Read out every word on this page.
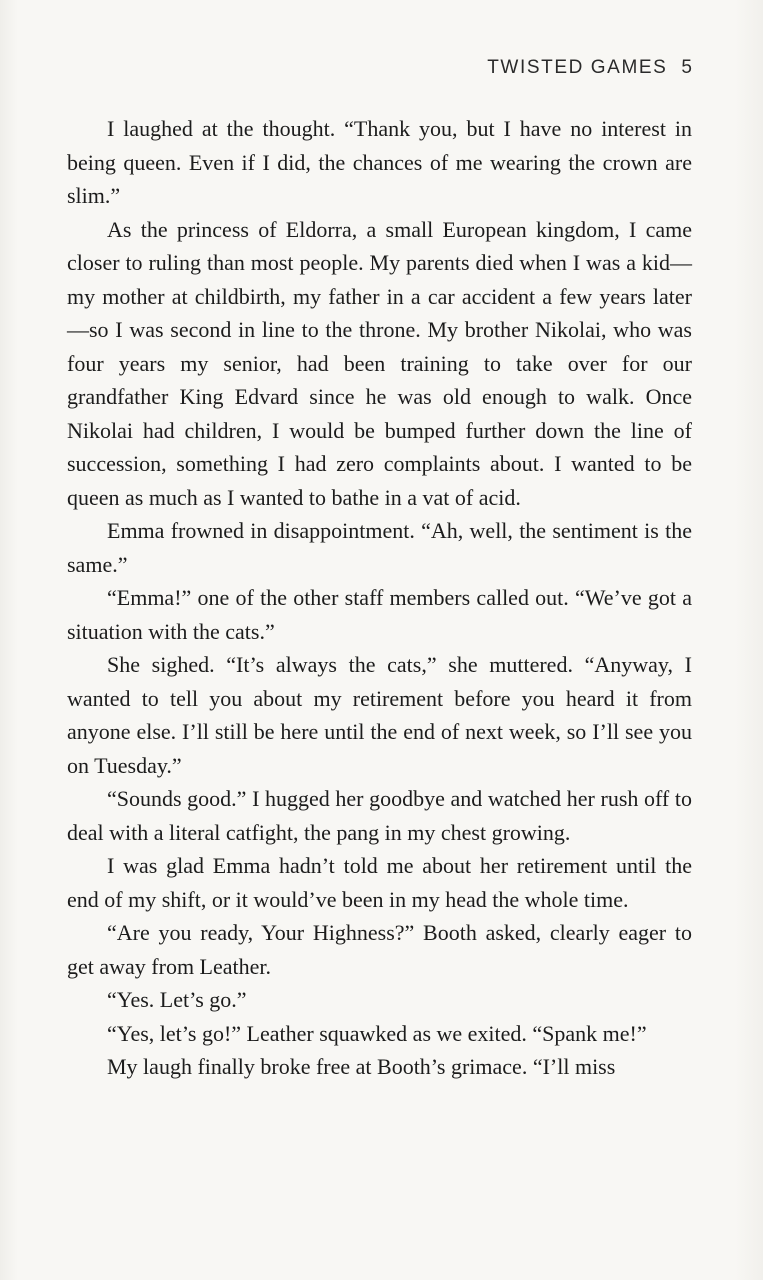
TWISTED GAMES 5

I laughed at the thought. “Thank you, but I have no interest in being queen. Even if I did, the chances of me wearing the crown are slim.”

As the princess of Eldorra, a small European kingdom, I came closer to ruling than most people. My parents died when I was a kid—my mother at childbirth, my father in a car accident a few years later—so I was second in line to the throne. My brother Nikolai, who was four years my senior, had been training to take over for our grandfather King Edvard since he was old enough to walk. Once Nikolai had children, I would be bumped further down the line of succession, something I had zero complaints about. I wanted to be queen as much as I wanted to bathe in a vat of acid.

Emma frowned in disappointment. “Ah, well, the sentiment is the same.”

“Emma!” one of the other staff members called out. “We’ve got a situation with the cats.”

She sighed. “It’s always the cats,” she muttered. “Anyway, I wanted to tell you about my retirement before you heard it from anyone else. I’ll still be here until the end of next week, so I’ll see you on Tuesday.”

“Sounds good.” I hugged her goodbye and watched her rush off to deal with a literal catfight, the pang in my chest growing.

I was glad Emma hadn’t told me about her retirement until the end of my shift, or it would’ve been in my head the whole time.

“Are you ready, Your Highness?” Booth asked, clearly eager to get away from Leather.

“Yes. Let’s go.”

“Yes, let’s go!” Leather squawked as we exited. “Spank me!”

My laugh finally broke free at Booth’s grimace. “I’ll miss
